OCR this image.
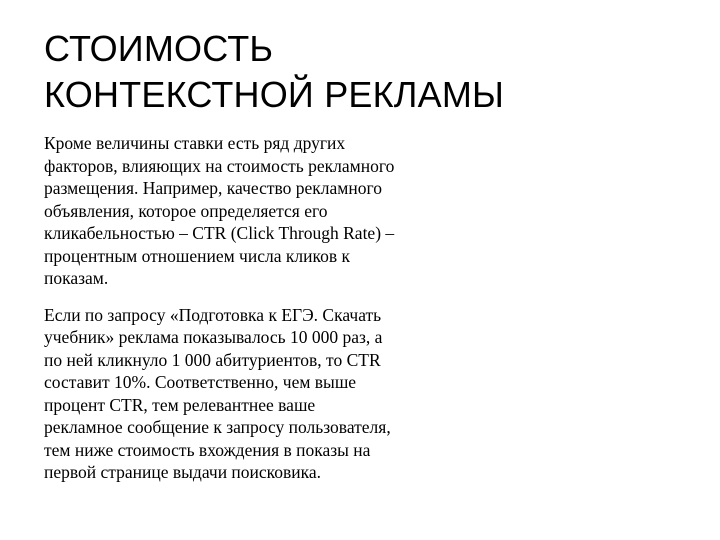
СТОИМОСТЬ
КОНТЕКСТНОЙ РЕКЛАМЫ

Кроме величины ставки есть ряд других
факторов, влияющих на стоимость рекламного
размещения. Например, качество рекламного
объявления, которое определяется его
кликабельностью – CTR (Click Through Rate) –
процентным отношением числа кликов к
показам.

Если по запросу «Подготовка к ЕГЭ. Скачать
учебник» реклама показывалось 10 000 раз, а
по ней кликнуло 1 000 абитуриентов, то CTR
составит 10%. Соответственно, чем выше
процент CTR, тем релевантнее ваше
рекламное сообщение к запросу пользователя,
тем ниже стоимость вхождения в показы на
первой странице выдачи поисковика.
